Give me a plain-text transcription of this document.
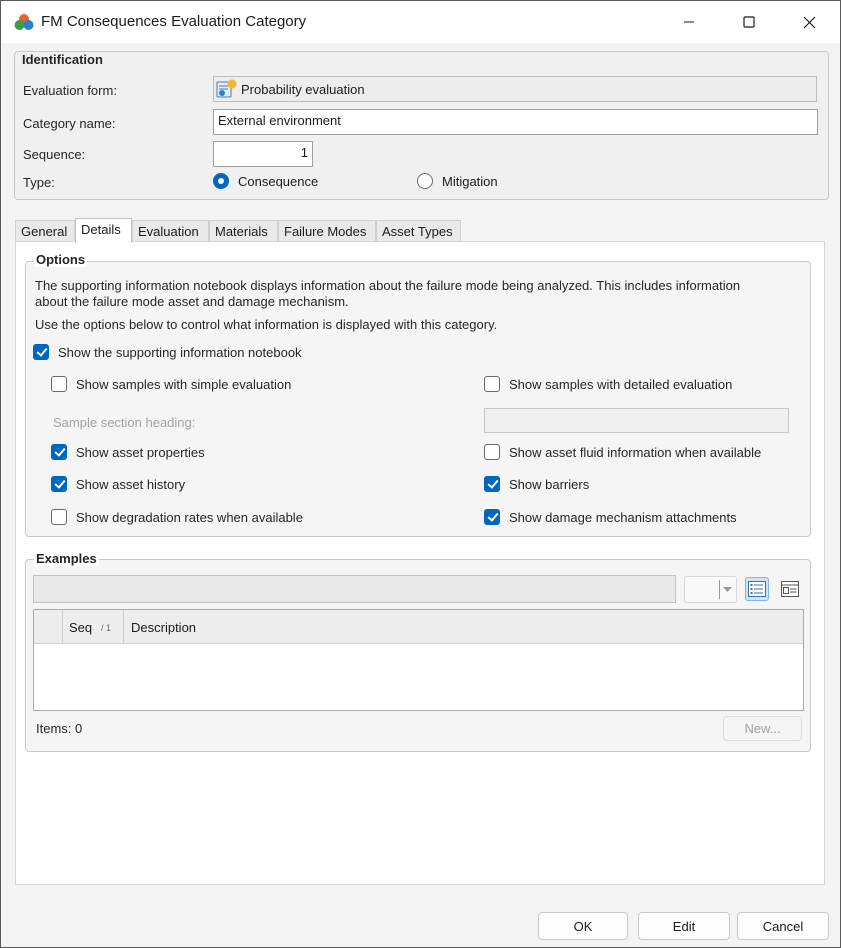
FM Consequences Evaluation Category
Identification
Evaluation form:	Probability evaluation
Category name:	External environment
Sequence:	1
Type:	Consequence	Mitigation
General	Details	Evaluation	Materials	Failure Modes	Asset Types
Options
The supporting information notebook displays information about the failure mode being analyzed. This includes information
about the failure mode asset and damage mechanism.
Use the options below to control what information is displayed with this category.
Show the supporting information notebook
Show samples with simple evaluation	Show samples with detailed evaluation
Sample section heading:
Show asset properties	Show asset fluid information when available
Show asset history	Show barriers
Show degradation rates when available	Show damage mechanism attachments
Examples
Seq / 1 Description
Items: 0	New...
OK	Edit	Cancel
